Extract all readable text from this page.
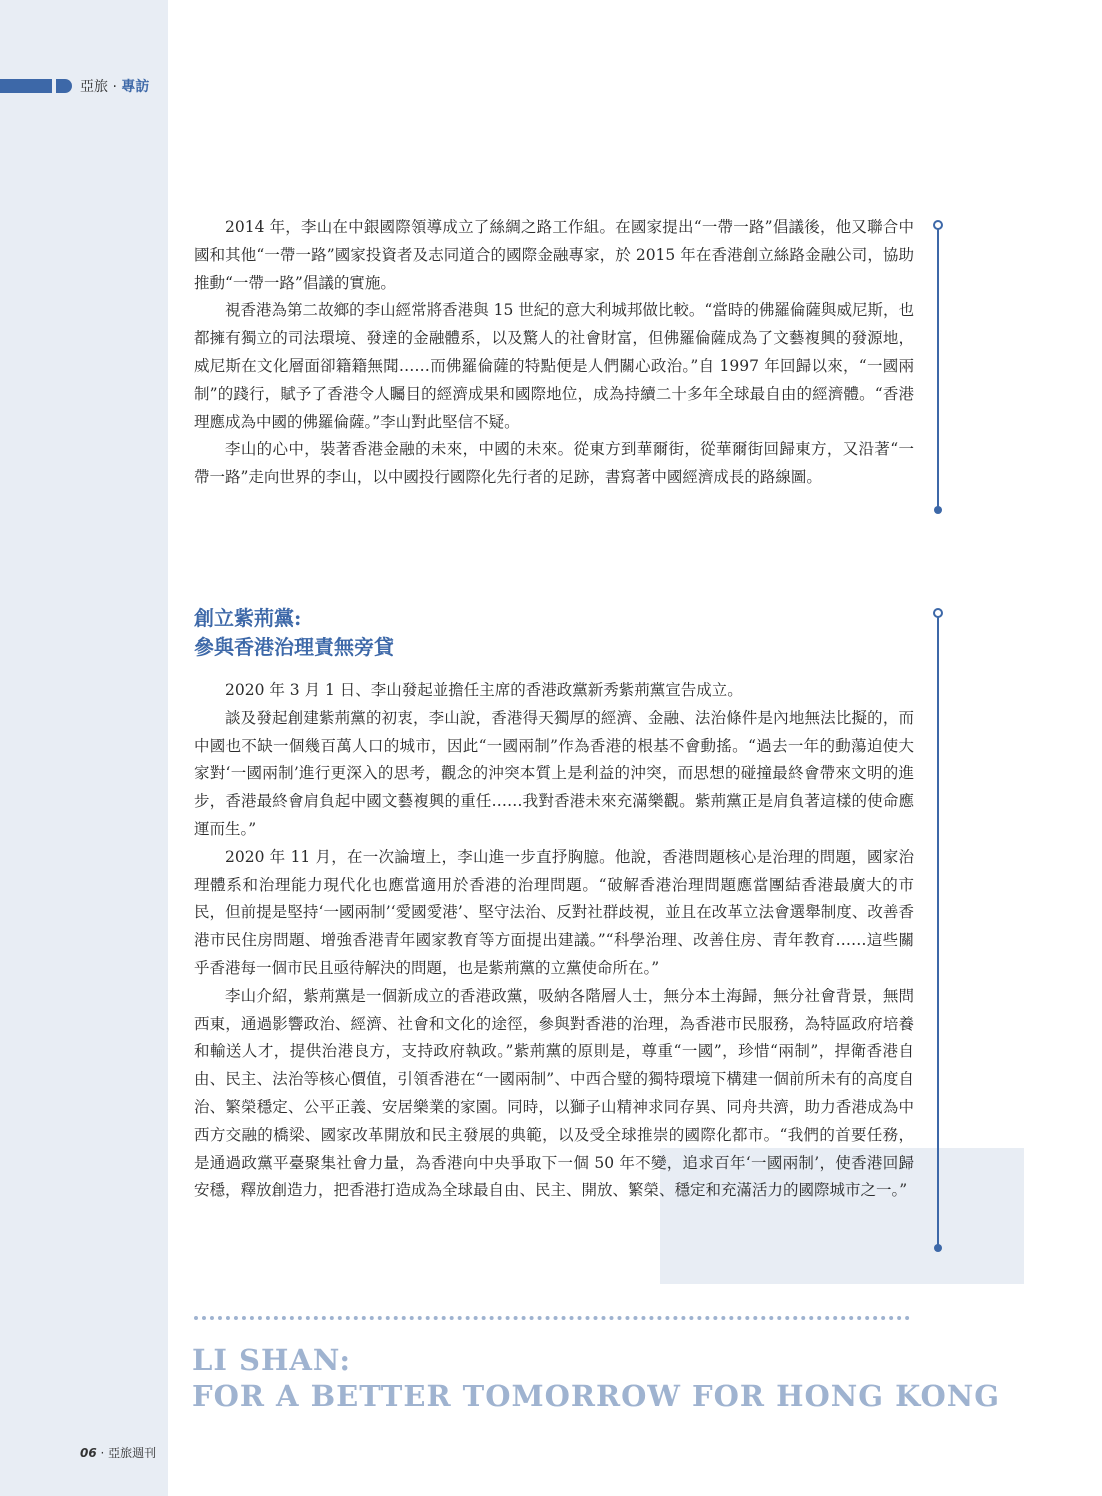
亞旅 · 專訪

2014 年，李山在中銀國際領導成立了絲綢之路工作組。在國家提出“一帶一路”倡議後，他又聯合中國和其他“一帶一路”國家投資者及志同道合的國際金融專家，於 2015 年在香港創立絲路金融公司，協助推動“一帶一路”倡議的實施。

視香港為第二故鄉的李山經常將香港與 15 世紀的意大利城邦做比較。“當時的佛羅倫薩與威尼斯，也都擁有獨立的司法環境、發達的金融體系，以及驚人的社會財富，但佛羅倫薩成為了文藝複興的發源地，威尼斯在文化層面卻籍籍無聞……而佛羅倫薩的特點便是人們關心政治。”自 1997 年回歸以來，“一國兩制”的踐行，賦予了香港令人矚目的經濟成果和國際地位，成為持續二十多年全球最自由的經濟體。“香港理應成為中國的佛羅倫薩。”李山對此堅信不疑。

李山的心中，裝著香港金融的未來，中國的未來。從東方到華爾街，從華爾街回歸東方，又沿著“一帶一路”走向世界的李山，以中國投行國際化先行者的足跡，書寫著中國經濟成長的路線圖。

創立紫荊黨:
參與香港治理責無旁貸

2020 年 3 月 1 日、李山發起並擔任主席的香港政黨新秀紫荊黨宣告成立。

談及發起創建紫荊黨的初衷，李山說，香港得天獨厚的經濟、金融、法治條件是內地無法比擬的，而中國也不缺一個幾百萬人口的城市，因此“一國兩制”作為香港的根基不會動搖。“過去一年的動蕩迫使大家對‘一國兩制’進行更深入的思考，觀念的沖突本質上是利益的沖突，而思想的碰撞最終會帶來文明的進步，香港最終會肩負起中國文藝複興的重任……我對香港未來充滿樂觀。紫荊黨正是肩負著這樣的使命應運而生。”

2020 年 11 月，在一次論壇上，李山進一步直抒胸臆。他說，香港問題核心是治理的問題，國家治理體系和治理能力現代化也應當適用於香港的治理問題。“破解香港治理問題應當團結香港最廣大的市民，但前提是堅持‘一國兩制’‘愛國愛港’、堅守法治、反對社群歧視，並且在改革立法會選舉制度、改善香港市民住房問題、增強香港青年國家教育等方面提出建議。”“科學治理、改善住房、青年教育……這些關乎香港每一個市民且亟待解決的問題，也是紫荊黨的立黨使命所在。”

李山介紹，紫荊黨是一個新成立的香港政黨，吸納各階層人士，無分本土海歸，無分社會背景，無問西東，通過影響政治、經濟、社會和文化的途徑，參與對香港的治理，為香港市民服務，為特區政府培養和輸送人才，提供治港良方，支持政府執政。”紫荊黨的原則是，尊重“一國”，珍惜“兩制”，捍衛香港自由、民主、法治等核心價值，引領香港在“一國兩制”、中西合璧的獨特環境下構建一個前所未有的高度自治、繁榮穩定、公平正義、安居樂業的家園。同時，以獅子山精神求同存異、同舟共濟，助力香港成為中西方交融的橋梁、國家改革開放和民主發展的典範，以及受全球推崇的國際化都市。“我們的首要任務，是通過政黨平臺聚集社會力量，為香港向中央爭取下一個 50 年不變，追求百年‘一國兩制’，使香港回歸安穩，釋放創造力，把香港打造成為全球最自由、民主、開放、繁榮、穩定和充滿活力的國際城市之一。”

LI SHAN:
FOR A BETTER TOMORROW FOR HONG KONG
06 · 亞旅週刊
